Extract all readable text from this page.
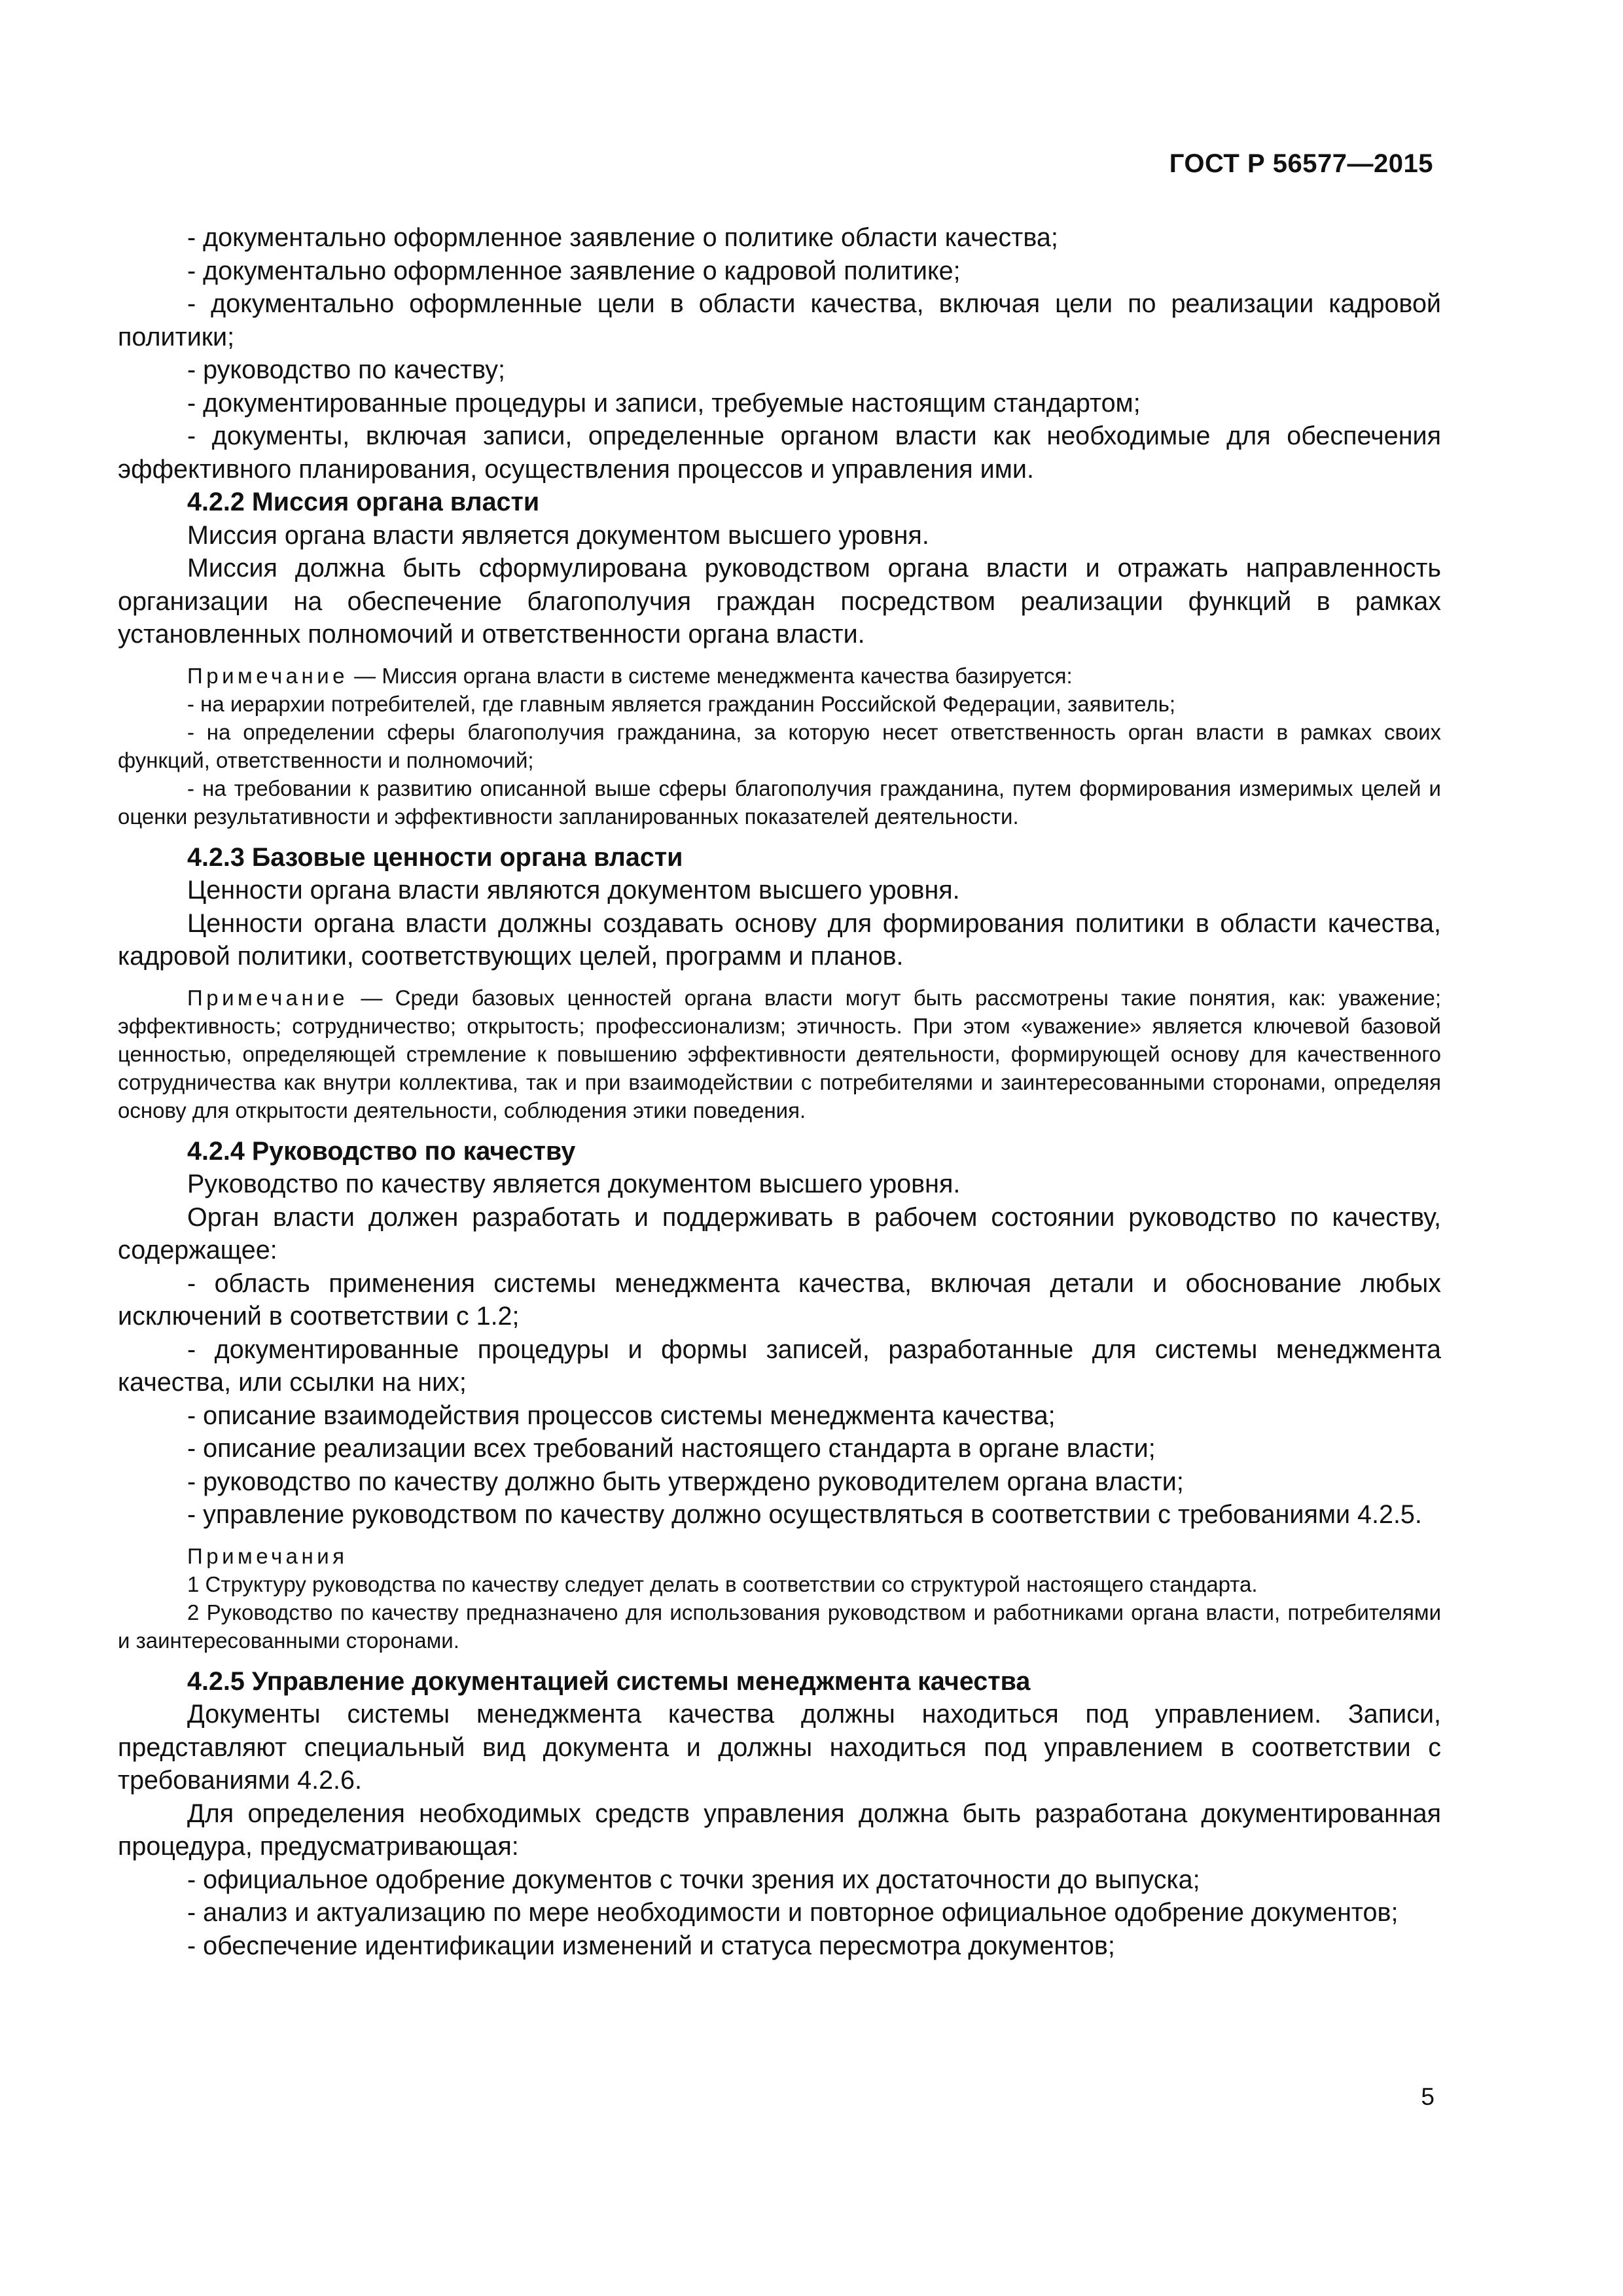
ГОСТ Р 56577—2015

- документально оформленное заявление о политике области качества;

- документально оформленное заявление о кадровой политике;

- документально оформленные цели в области качества, включая цели по реализации кадровой политики;

- руководство по качеству;

- документированные процедуры и записи, требуемые настоящим стандартом;

- документы, включая записи, определенные органом власти как необходимые для обеспечения эффективного планирования, осуществления процессов и управления ими.

4.2.2 Миссия органа власти

Миссия органа власти является документом высшего уровня.

Миссия должна быть сформулирована руководством органа власти и отражать направленность организации на обеспечение благополучия граждан посредством реализации функций в рамках установленных полномочий и ответственности органа власти.

Примечание — Миссия органа власти в системе менеджмента качества базируется:

- на иерархии потребителей, где главным является гражданин Российской Федерации, заявитель;

- на определении сферы благополучия гражданина, за которую несет ответственность орган власти в рамках своих функций, ответственности и полномочий;

- на требовании к развитию описанной выше сферы благополучия гражданина, путем формирования измеримых целей и оценки результативности и эффективности запланированных показателей деятельности.

4.2.3 Базовые ценности органа власти

Ценности органа власти являются документом высшего уровня.

Ценности органа власти должны создавать основу для формирования политики в области качества, кадровой политики, соответствующих целей, программ и планов.

Примечание — Среди базовых ценностей органа власти могут быть рассмотрены такие понятия, как: уважение; эффективность; сотрудничество; открытость; профессионализм; этичность. При этом «уважение» является ключевой базовой ценностью, определяющей стремление к повышению эффективности деятельности, формирующей основу для качественного сотрудничества как внутри коллектива, так и при взаимодействии с потребителями и заинтересованными сторонами, определяя основу для открытости деятельности, соблюдения этики поведения.

4.2.4 Руководство по качеству

Руководство по качеству является документом высшего уровня.

Орган власти должен разработать и поддерживать в рабочем состоянии руководство по качеству, содержащее:

- область применения системы менеджмента качества, включая детали и обоснование любых исключений в соответствии с 1.2;

- документированные процедуры и формы записей, разработанные для системы менеджмента качества, или ссылки на них;

- описание взаимодействия процессов системы менеджмента качества;

- описание реализации всех требований настоящего стандарта в органе власти;

- руководство по качеству должно быть утверждено руководителем органа власти;

- управление руководством по качеству должно осуществляться в соответствии с требованиями 4.2.5.

Примечания

1 Структуру руководства по качеству следует делать в соответствии со структурой настоящего стандарта.

2 Руководство по качеству предназначено для использования руководством и работниками органа власти, потребителями и заинтересованными сторонами.

4.2.5 Управление документацией системы менеджмента качества

Документы системы менеджмента качества должны находиться под управлением. Записи, представляют специальный вид документа и должны находиться под управлением в соответствии с требованиями 4.2.6.

Для определения необходимых средств управления должна быть разработана документированная процедура, предусматривающая:

- официальное одобрение документов с точки зрения их достаточности до выпуска;

- анализ и актуализацию по мере необходимости и повторное официальное одобрение документов;

- обеспечение идентификации изменений и статуса пересмотра документов;

5
